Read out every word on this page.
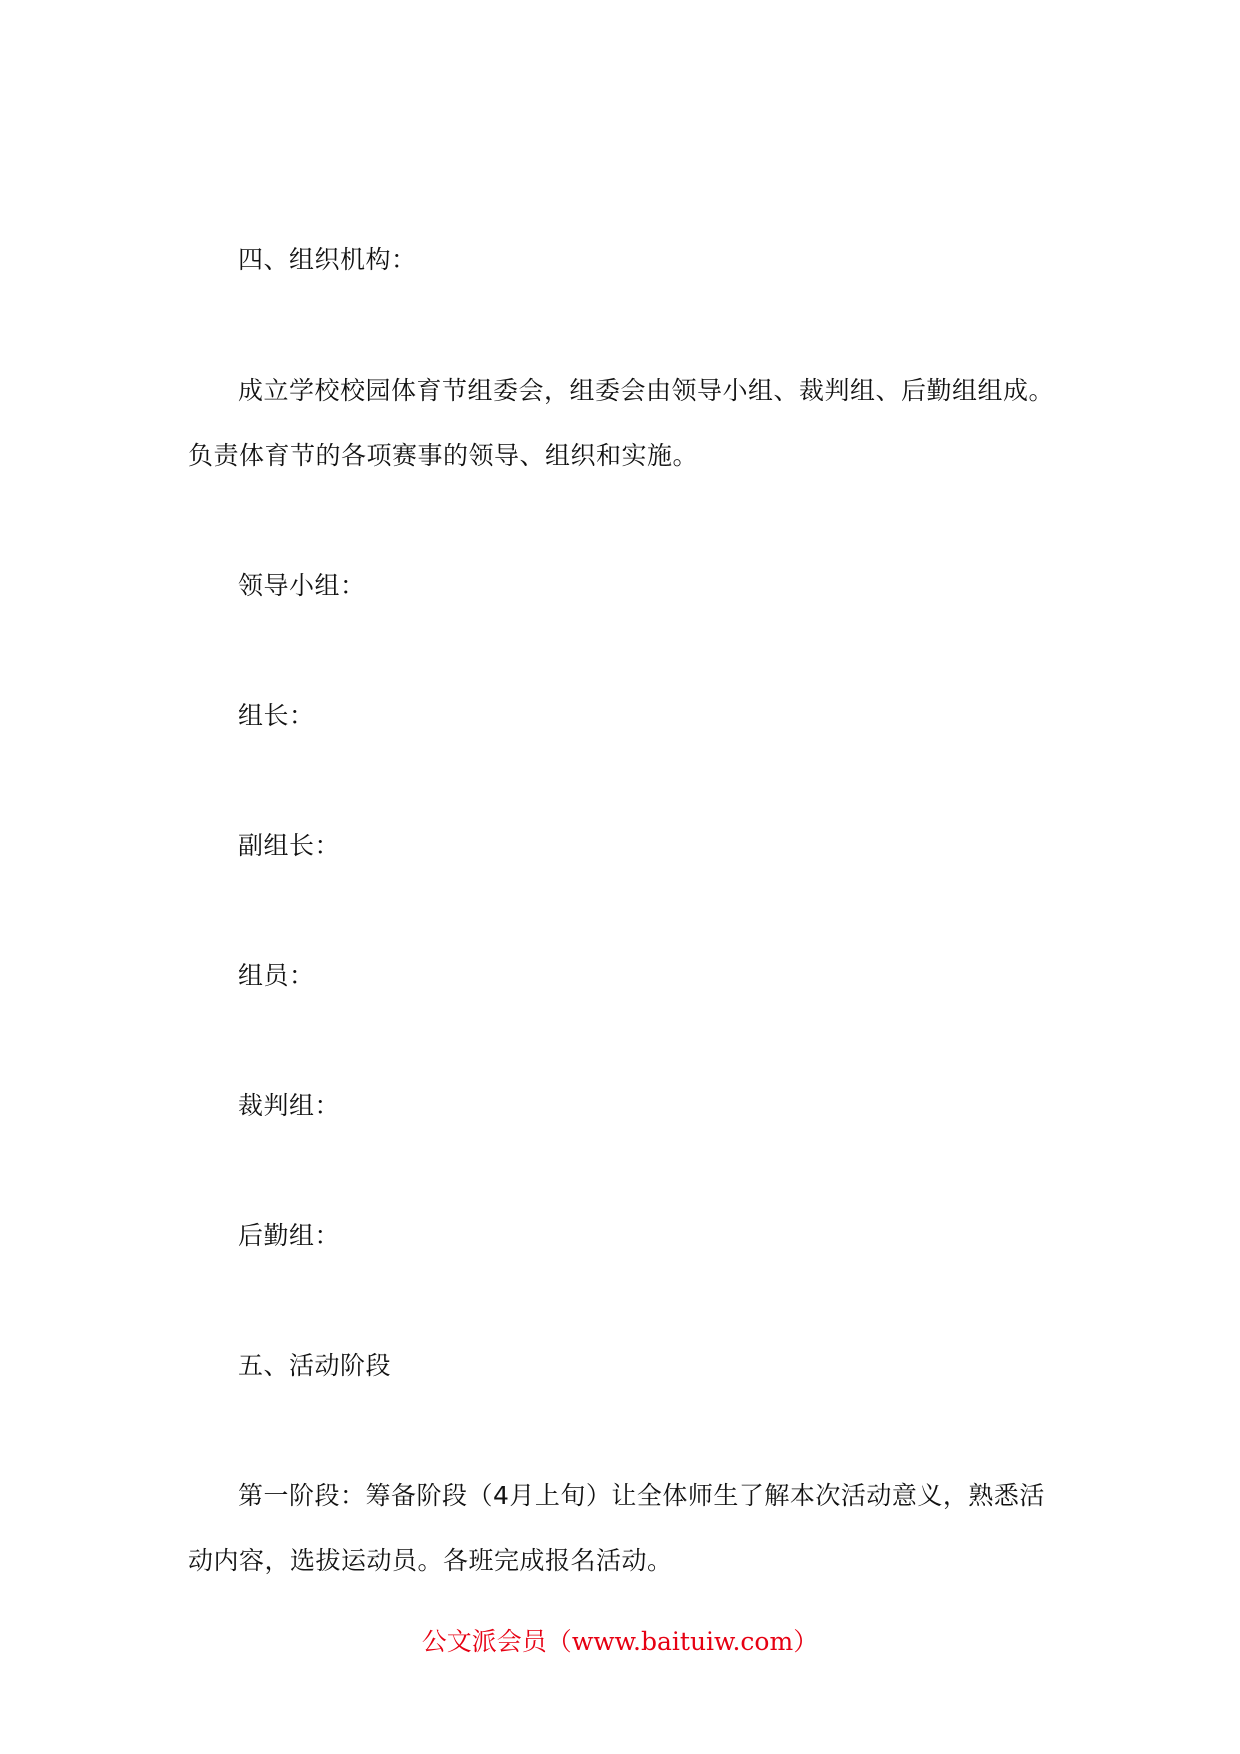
四、组织机构：
成立学校校园体育节组委会，组委会由领导小组、裁判组、后勤组组成。
负责体育节的各项赛事的领导、组织和实施。
领导小组：
组长：
副组长：
组员：
裁判组：
后勤组：
五、活动阶段
第一阶段：筹备阶段（4月上旬）让全体师生了解本次活动意义，熟悉活
动内容，选拔运动员。各班完成报名活动。
公文派会员（www.baituiw.com）
